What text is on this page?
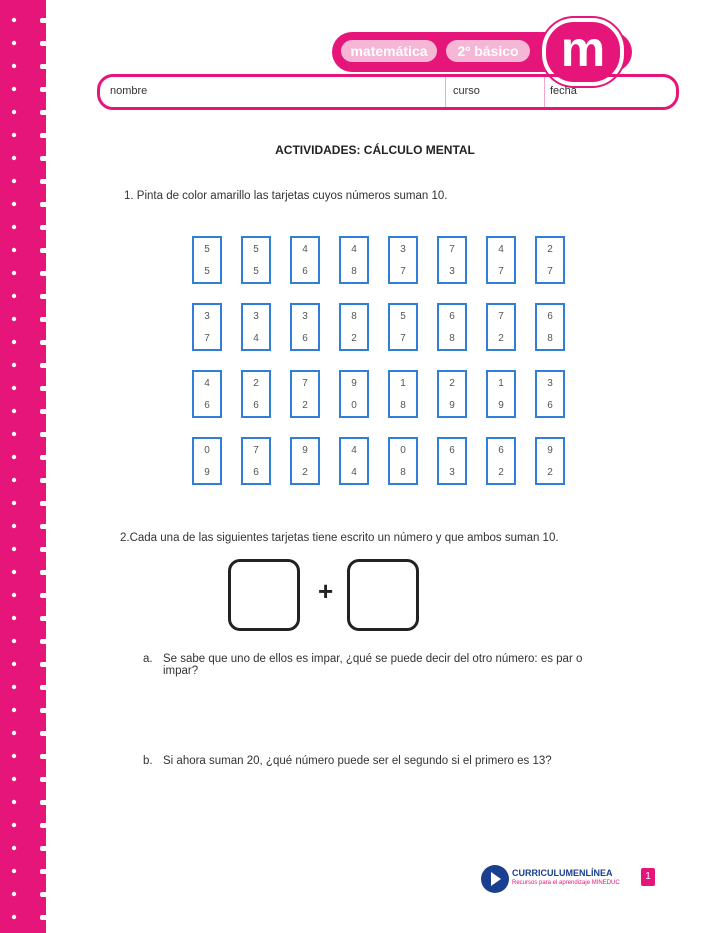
matemática	2º básico m
nombre	curso	fecha
ACTIVIDADES: CÁLCULO MENTAL
1. Pinta de color amarillo las tarjetas cuyos números suman 10.
5
5
5
5
4
6
4
8
3
7
7
3
4
7
2
7
3
7
3
4
3
6
8
2
5
7
6
8
7
2
6
8
4
6
2
6
7
2
9
0
1
8
2
9
1
9
3
6
0
9
7
6
9
2
4
4
0
8
6
3
6
2
9
2
2.Cada una de las siguientes tarjetas tiene escrito un número y que ambos suman 10.
+
a. Se sabe que uno de ellos es impar, ¿qué se puede decir del otro número: es par o
impar?
b. Si ahora suman 20, ¿qué número puede ser el segundo si el primero es 13?
CURRICULUMENLÍNEA
Recursos para el aprendizaje MINEDUC
1
